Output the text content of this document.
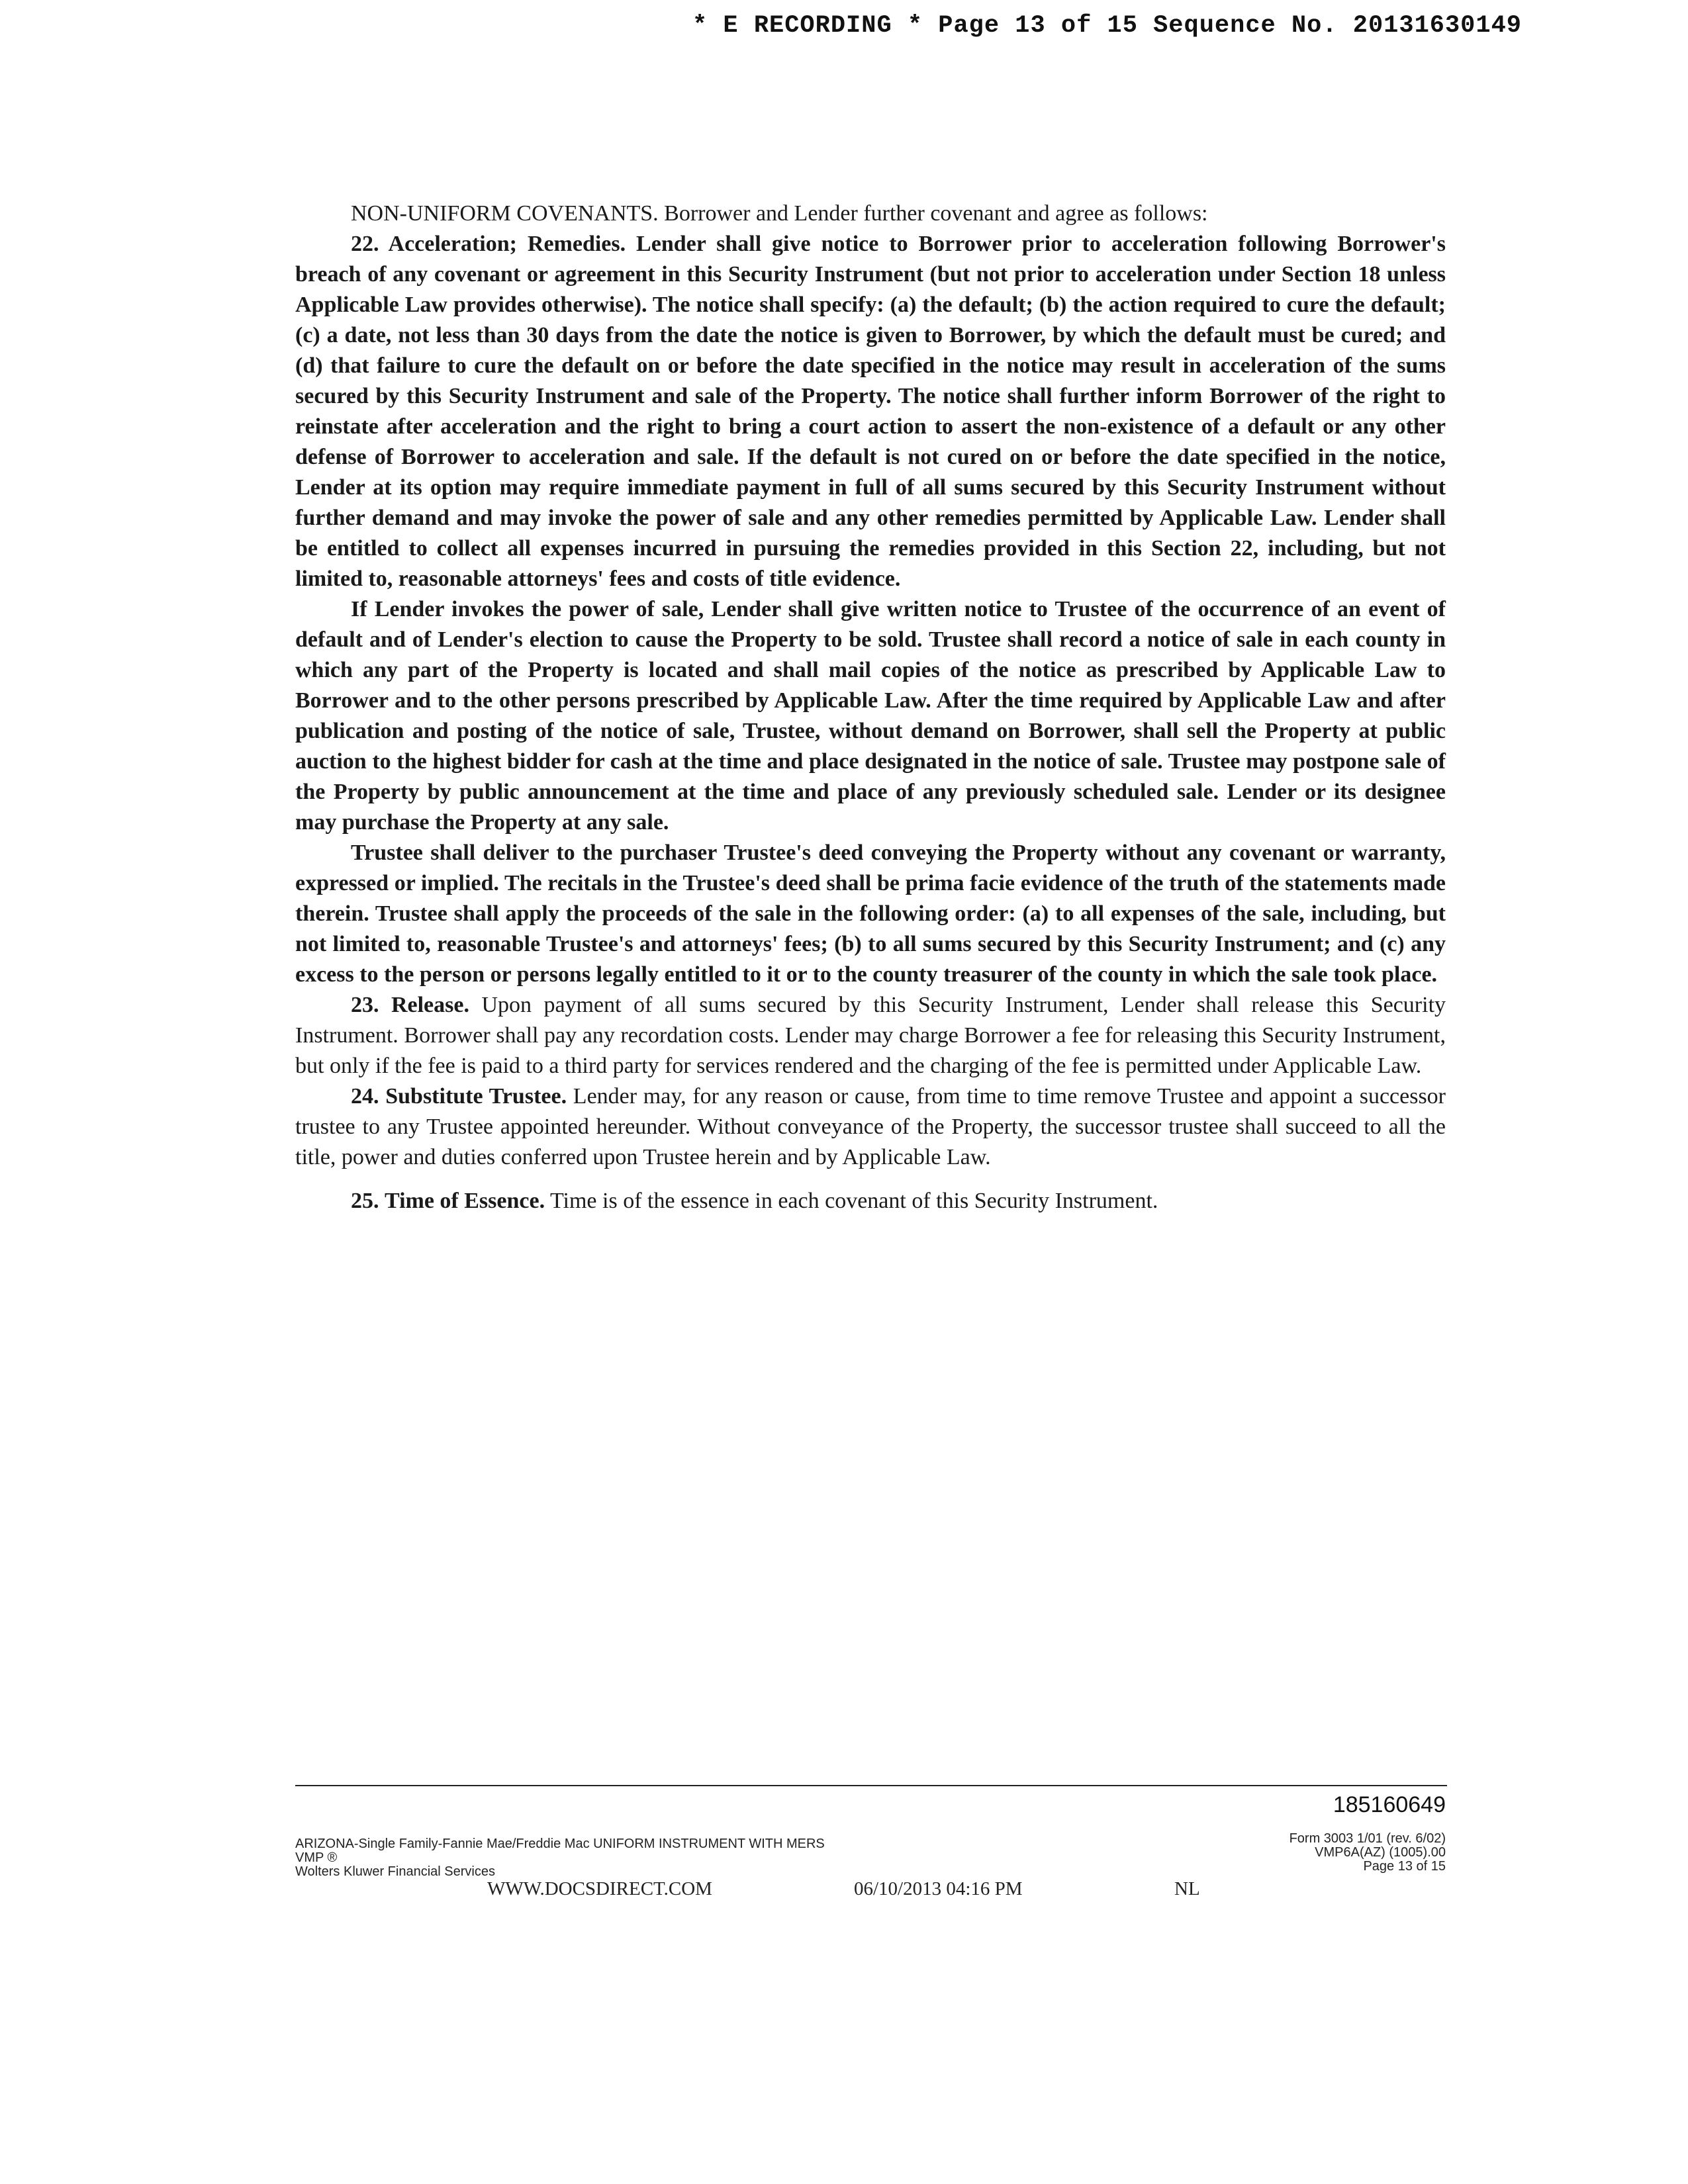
* E RECORDING * Page 13 of 15 Sequence No. 20131630149

NON-UNIFORM COVENANTS. Borrower and Lender further covenant and agree as follows:

22. Acceleration; Remedies. Lender shall give notice to Borrower prior to acceleration following Borrower's breach of any covenant or agreement in this Security Instrument (but not prior to acceleration under Section 18 unless Applicable Law provides otherwise). The notice shall specify: (a) the default; (b) the action required to cure the default; (c) a date, not less than 30 days from the date the notice is given to Borrower, by which the default must be cured; and (d) that failure to cure the default on or before the date specified in the notice may result in acceleration of the sums secured by this Security Instrument and sale of the Property. The notice shall further inform Borrower of the right to reinstate after acceleration and the right to bring a court action to assert the non-existence of a default or any other defense of Borrower to acceleration and sale. If the default is not cured on or before the date specified in the notice, Lender at its option may require immediate payment in full of all sums secured by this Security Instrument without further demand and may invoke the power of sale and any other remedies permitted by Applicable Law. Lender shall be entitled to collect all expenses incurred in pursuing the remedies provided in this Section 22, including, but not limited to, reasonable attorneys' fees and costs of title evidence.

If Lender invokes the power of sale, Lender shall give written notice to Trustee of the occurrence of an event of default and of Lender's election to cause the Property to be sold. Trustee shall record a notice of sale in each county in which any part of the Property is located and shall mail copies of the notice as prescribed by Applicable Law to Borrower and to the other persons prescribed by Applicable Law. After the time required by Applicable Law and after publication and posting of the notice of sale, Trustee, without demand on Borrower, shall sell the Property at public auction to the highest bidder for cash at the time and place designated in the notice of sale. Trustee may postpone sale of the Property by public announcement at the time and place of any previously scheduled sale. Lender or its designee may purchase the Property at any sale.

Trustee shall deliver to the purchaser Trustee's deed conveying the Property without any covenant or warranty, expressed or implied. The recitals in the Trustee's deed shall be prima facie evidence of the truth of the statements made therein. Trustee shall apply the proceeds of the sale in the following order: (a) to all expenses of the sale, including, but not limited to, reasonable Trustee's and attorneys' fees; (b) to all sums secured by this Security Instrument; and (c) any excess to the person or persons legally entitled to it or to the county treasurer of the county in which the sale took place.

23. Release. Upon payment of all sums secured by this Security Instrument, Lender shall release this Security Instrument. Borrower shall pay any recordation costs. Lender may charge Borrower a fee for releasing this Security Instrument, but only if the fee is paid to a third party for services rendered and the charging of the fee is permitted under Applicable Law.

24. Substitute Trustee. Lender may, for any reason or cause, from time to time remove Trustee and appoint a successor trustee to any Trustee appointed hereunder. Without conveyance of the Property, the successor trustee shall succeed to all the title, power and duties conferred upon Trustee herein and by Applicable Law.

25. Time of Essence. Time is of the essence in each covenant of this Security Instrument.

185160649
ARIZONA-Single Family-Fannie Mae/Freddie Mac UNIFORM INSTRUMENT WITH MERS
VMP ®
Wolters Kluwer Financial Services
Form 3003 1/01 (rev. 6/02)
VMP6A(AZ) (1005).00
Page 13 of 15
WWW.DOCSDIRECT.COM	06/10/2013 04:16 PM	NL
